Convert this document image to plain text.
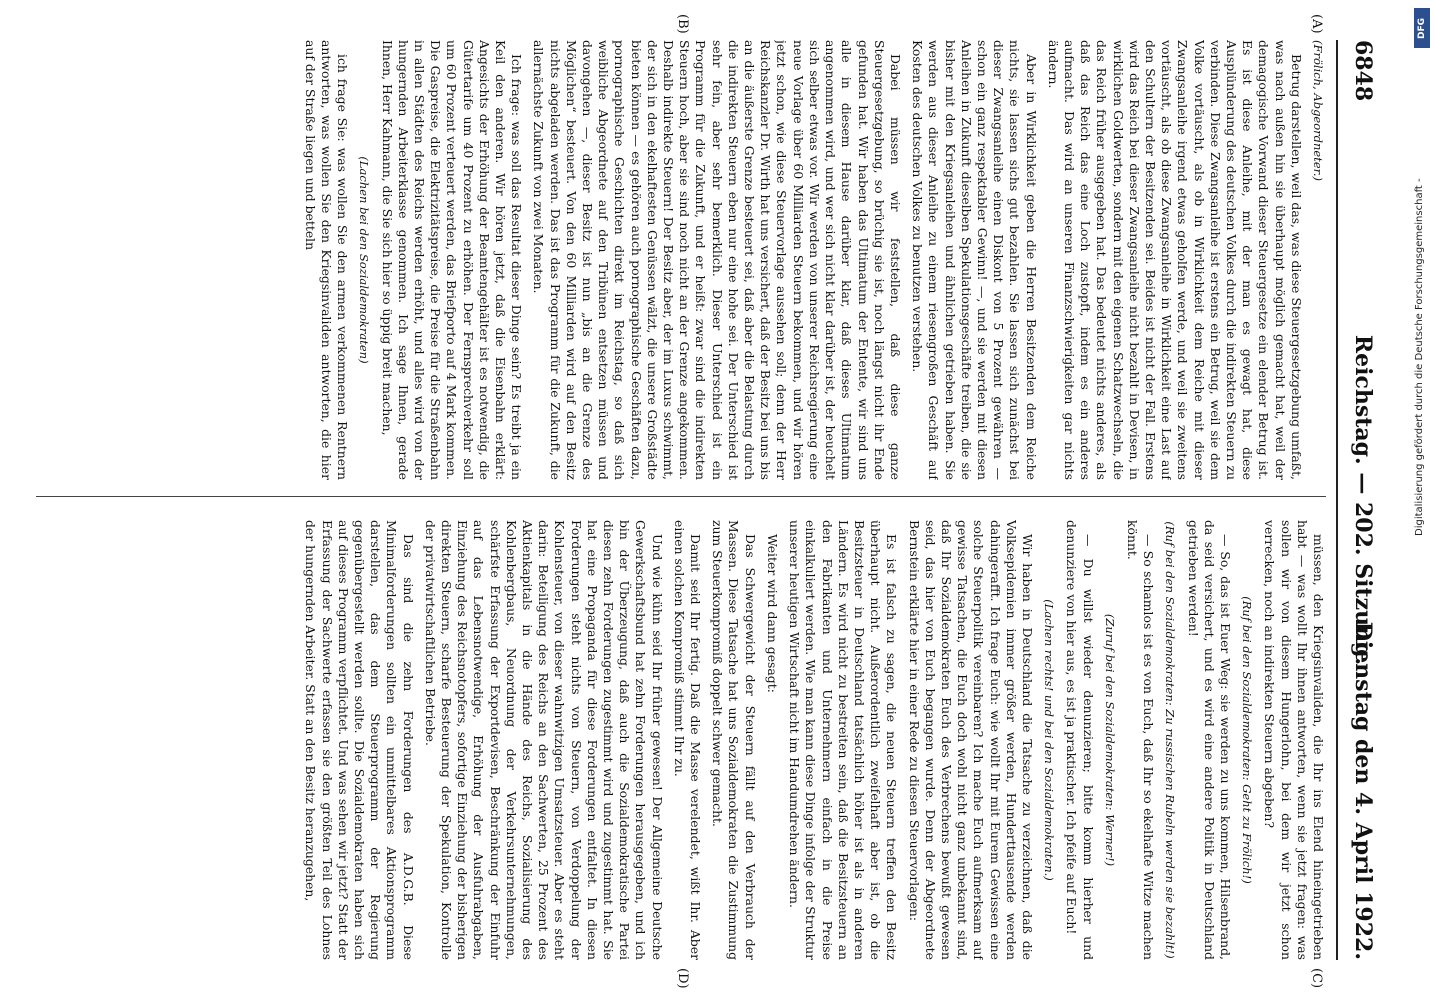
6848
Reichstag. — 202. Sitzung.
Dienstag den 4. April 1922.
(A)
(B)
(C)
(D)

(Frölich, Abgeordneter.)

Betrug darstellen, weil das, was diese Steuergesetzgebung umfaßt, was nach außen hin sie überhaupt möglich gemacht hat, weil der demagogische Vorwand dieser Steuergesetze ein elender Betrug ist. Es ist diese Anleihe, mit der man es gewagt hat, diese Ausplünderung des deutschen Volkes durch die indirekten Steuern zu verbinden. Diese Zwangsanleihe ist erstens ein Betrug, weil sie dem Volke vortäuscht, als ob in Wirklichkeit dem Reiche mit dieser Zwangsanleihe irgend etwas geholfen werde, und weil sie zweitens vortäuscht, als ob diese Zwangsanleihe in Wirklichkeit eine Last auf den Schultern der Besitzenden sei. Beides ist nicht der Fall. Erstens wird das Reich bei dieser Zwangsanleihe nicht bezahlt in Devisen, in wirklichen Goldwerten, sondern mit den eigenen Schatzwechseln, die das Reich früher ausgegeben hat. Das bedeutet nichts anderes, als daß das Reich das eine Loch zustopft, indem es ein anderes aufmacht. Das wird an unseren Finanzschwierigkeiten gar nichts ändern.

Aber in Wirklichkeit geben die Herren Besitzenden dem Reiche nichts, sie lassen sichs gut bezahlen. Sie lassen sich zunächst bei dieser Zwangsanleihe einen Diskont von 5 Prozent gewähren — schon ein ganz respektabler Gewinn! —, und sie werden mit diesen Anleihen in Zukunft dieselben Spekulationsgeschäfte treiben, die sie bisher mit den Kriegsanleihen und ähnlichen getrieben haben. Sie werden aus dieser Anleihe zu einem riesengroßen Geschäft auf Kosten des deutschen Volkes zu benutzen verstehen.

Dabei müssen wir feststellen, daß diese ganze Steuergesetzgebung, so brüchig sie ist, noch längst nicht ihr Ende gefunden hat. Wir haben das Ultimatum der Entente, wir sind uns alle in diesem Hause darüber klar, daß dieses Ultimatum angenommen wird, und wer sich nicht klar darüber ist, der heuchelt sich selber etwas vor. Wir werden von unserer Reichsregierung eine neue Vorlage über 60 Milliarden Steuern bekommen, und wir hören jetzt schon, wie diese Steuervorlage aussehen soll; denn der Herr Reichskanzler Dr. Wirth hat uns versichert, daß der Besitz bei uns bis an die äußerste Grenze besteuert sei, daß aber die Belastung durch die indirekten Steuern eben nur eine hohe sei. Der Unterschied ist sehr fein, aber sehr bemerklich. Dieser Unterschied ist ein Programm für die Zukunft, und er heißt: zwar sind die indirekten Steuern hoch, aber sie sind noch nicht an der Grenze angekommen. Deshalb indirekte Steuern! Der Besitz aber, der im Luxus schwimmt, der sich in den ekelhaftesten Genüssen wälzt, die unsere Großstädte bieten können — es gehören auch pornographische Geschäften dazu, pornographische Geschichten direkt im Reichstag, so daß sich weibliche Abgeordnete auf den Tribünen entsetzen müssen und davongehen —, dieser Besitz ist nun „bis an die Grenze des Möglichen“ besteuert. Von den 60 Milliarden wird auf den Besitz nichts abgeladen werden. Das ist das Programm für die Zukunft, die allernächste Zukunft von zwei Monaten.

Ich frage: was soll das Resultat dieser Dinge sein? Es treibt ja ein Keil den anderen. Wir hören jetzt, daß die Eisenbahn erklärt: Angesichts der Erhöhung der Beamtengehälter ist es notwendig, die Gütertarife um 40 Prozent zu erhöhen. Der Fernsprechverkehr soll um 60 Prozent verteuert werden, das Briefporto auf 4 Mark kommen. Die Gaspreise, die Elektrizitätspreise, die Preise für die Straßenbahn in allen Städten des Reichs werden erhöht, und alles wird von der hungernden Arbeiterklasse genommen. Ich sage Ihnen, gerade Ihnen, Herr Kahmann, die Sie sich hier so üppig breit machen,

(Lachen bei den Sozialdemokraten)

ich frage Sie: was wollen Sie den armen verkommenen Rentnern antworten, was wollen Sie den Kriegsinvaliden antworten, die hier auf der Straße liegen und betteln

müssen, den Kriegsinvaliden, die Ihr ins Elend hineingetrieben habt — was wollt Ihr ihnen antworten, wenn sie jetzt fragen: was sollen wir von diesem Hungerlohn, bei dem wir jetzt schon verrecken, noch an indirekten Steuern abgeben?

(Ruf bei den Sozialdemokraten: Geht zu Frölich!)

— So, das ist Euer Weg: sie werden zu uns kommen, Hilsenbrand, da seid versichert, und es wird eine andere Politik in Deutschland getrieben werden!

(Ruf bei den Sozialdemokraten: Zu russischen Rubeln werden sie bezahlt!)

— So schamlos ist es von Euch, daß Ihr so ekelhafte Witze machen könnt.

(Zuruf bei den Sozialdemokraten: Werner!)

— Du willst wieder denunzieren; bitte komm hierher und denunziere von hier aus, es ist ja praktischer. Ich pfeife auf Euch!

(Lachen rechts! und bei den Sozialdemokraten.)

Wir haben in Deutschland die Tatsache zu verzeichnen, daß die Volksepidemien immer größer werden, Hunderttausende werden dahingerafft. Ich frage Euch: wie wollt Ihr mit Eurem Gewissen eine solche Steuerpolitik vereinbaren? Ich mache Euch aufmerksam auf gewisse Tatsachen, die Euch doch wohl nicht ganz unbekannt sind, daß Ihr Sozialdemokraten Euch des Verbrechens bewußt gewesen seid, das hier von Euch begangen wurde. Denn der Abgeordnete Bernstein erklärte hier in einer Rede zu diesen Steuervorlagen:

Es ist falsch zu sagen, die neuen Steuern treffen den Besitz überhaupt nicht. Außerordentlich zweifelhaft aber ist, ob die Besitzsteuer in Deutschland tatsächlich höher ist als in anderen Ländern. Es wird nicht zu bestreiten sein, daß die Besitzsteuern an den Fabrikanten und Unternehmern einfach in die Preise einkalkuliert werden. Wie man kann diese Dinge infolge der Struktur unserer heutigen Wirtschaft nicht im Handumdrehen ändern.

Weiter wird dann gesagt:

Das Schwergewicht der Steuern fällt auf den Verbrauch der Massen. Diese Tatsache hat uns Sozialdemokraten die Zustimmung zum Steuerkompromiß doppelt schwer gemacht.

Damit seid Ihr fertig. Daß die Masse verelendet, wißt Ihr. Aber einen solchen Kompromiß stimmt Ihr zu.

Und wie kühn seid Ihr früher gewesen! Der Allgemeine Deutsche Gewerkschaftsbund hat zehn Forderungen herausgegeben, und ich bin der Überzeugung, daß auch die Sozialdemokratische Partei diesen zehn Forderungen zugestimmt wird und zugestimmt hat. Sie hat eine Propaganda für diese Forderungen entfaltet. In diesen Forderungen steht nichts von Steuern, von Verdoppelung der Kohlensteuer, von dieser wahnwitzigen Umsatzsteuer. Aber es steht darin: Beteiligung des Reichs an den Sachwerten, 25 Prozent des Aktienkapitals in die Hände des Reichs, Sozialisierung des Kohlenbergbaus, Neuordnung der Verkehrsunternehmungen, schärfste Erfassung der Exportdevisen, Beschränkung der Einfuhr auf das Lebensnotwendige, Erhöhung der Ausfuhrabgaben, Einziehung des Reichsnotopfers, sofortige Einziehung der bisherigen direkten Steuern, scharfe Besteuerung der Spekulation, Kontrolle der privatwirtschaftlichen Betriebe.

Das sind die zehn Forderungen des A.D.G.B. Diese Minimalforderungen sollten ein unmittelbares Aktionsprogramm darstellen, das dem Steuerprogramm der Regierung gegenübergestellt werden sollte. Die Sozialdemokraten haben sich auf dieses Programm verpflichtet. Und was sehen wir jetzt? Statt der Erfassung der Sachwerte erfassen sie den größten Teil des Lohnes der hungernden Arbeiter. Statt an den Besitz heranzugehen,

DFG
Digitalisierung gefördert durch die Deutsche Forschungsgemeinschaft -
